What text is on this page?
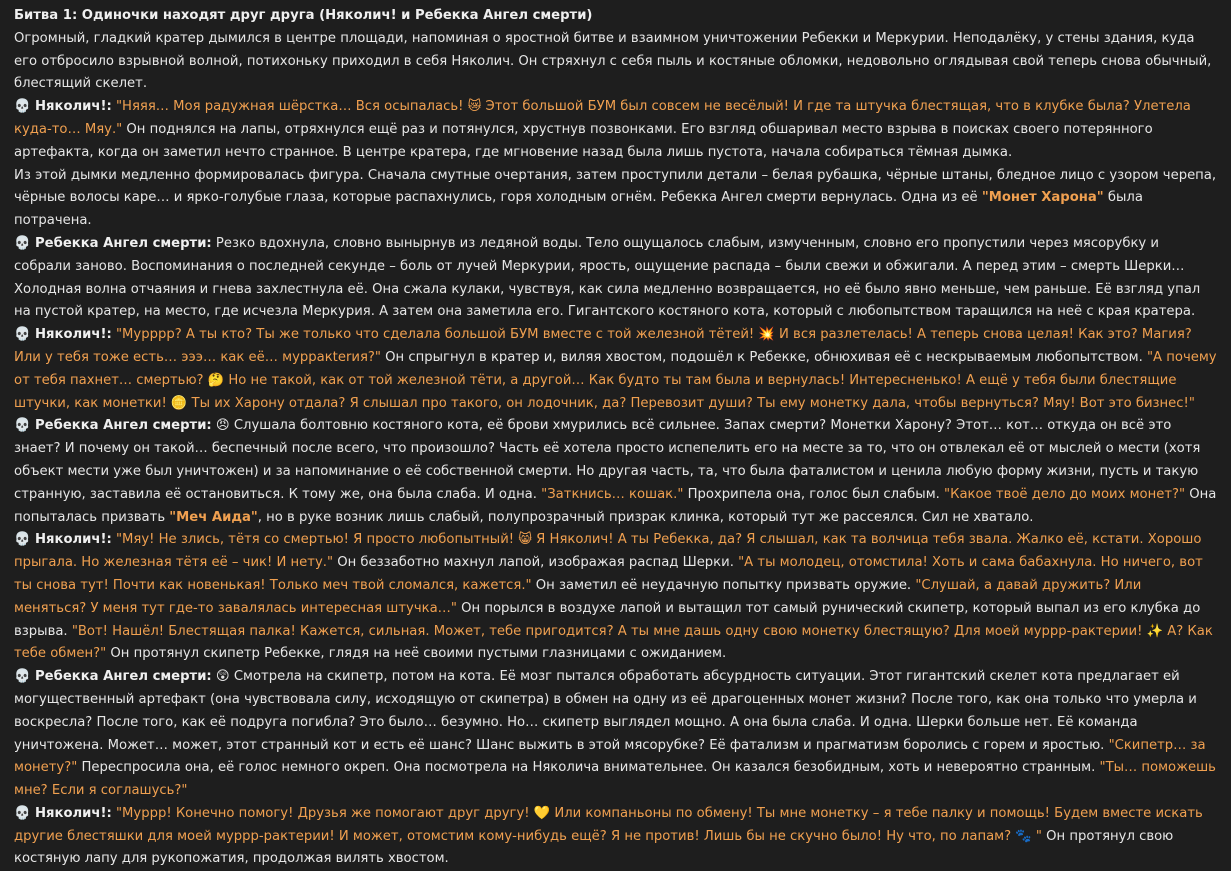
Битва 1: Одиночки находят друг друга (Няколич! и Ребекка Ангел смерти)
Огромный, гладкий кратер дымился в центре площади, напоминая о яростной битве и взаимном уничтожении Ребекки и Меркурии. Неподалёку, у стены здания, куда его отбросило взрывной волной, потихоньку приходил в себя Няколич. Он стряхнул с себя пыль и костяные обломки, недовольно оглядывая свой теперь снова обычный, блестящий скелет.
💀 Няколич!: "Няяя… Моя радужная шёрстка… Вся осыпалась! 😿 Этот большой БУМ был совсем не весёлый! И где та штучка блестящая, что в клубке была? Улетела куда-то… Мяу." Он поднялся на лапы, отряхнулся ещё раз и потянулся, хрустнув позвонками. Его взгляд обшаривал место взрыва в поисках своего потерянного артефакта, когда он заметил нечто странное. В центре кратера, где мгновение назад была лишь пустота, начала собираться тёмная дымка.
Из этой дымки медленно формировалась фигура. Сначала смутные очертания, затем проступили детали – белая рубашка, чёрные штаны, бледное лицо с узором черепа, чёрные волосы каре… и ярко-голубые глаза, которые распахнулись, горя холодным огнём. Ребекка Ангел смерти вернулась. Одна из её "Монет Харона" была потрачена.
💀 Ребекка Ангел смерти: Резко вдохнула, словно вынырнув из ледяной воды. Тело ощущалось слабым, измученным, словно его пропустили через мясорубку и собрали заново. Воспоминания о последней секунде – боль от лучей Меркурии, ярость, ощущение распада – были свежи и обжигали. А перед этим – смерть Шерки… Холодная волна отчаяния и гнева захлестнула её. Она сжала кулаки, чувствуя, как сила медленно возвращается, но её было явно меньше, чем раньше. Её взгляд упал на пустой кратер, на место, где исчезла Меркурия. А затем она заметила его. Гигантского костяного кота, который с любопытством таращился на неё с края кратера.
💀 Няколич!: "Мурррр? А ты кто? Ты же только что сделала большой БУМ вместе с той железной тётей! 💥 И вся разлетелась! А теперь снова целая! Как это? Магия? Или у тебя тоже есть… эээ… как её… мурракterия?" Он спрыгнул в кратер и, виляя хвостом, подошёл к Ребекке, обнюхивая её с нескрываемым любопытством. "А почему от тебя пахнет… смертью? 🤔 Но не такой, как от той железной тёти, а другой… Как будто ты там была и вернулась! Интересненько! А ещё у тебя были блестящие штучки, как монетки! 🪙 Ты их Харону отдала? Я слышал про такого, он лодочник, да? Перевозит души? Ты ему монетку дала, чтобы вернуться? Мяу! Вот это бизнес!"
💀 Ребекка Ангел смерти: 😠 Слушала болтовню костяного кота, её брови хмурились всё сильнее. Запах смерти? Монетки Харону? Этот… кот… откуда он всё это знает? И почему он такой… беспечный после всего, что произошло? Часть её хотела просто испепелить его на месте за то, что он отвлекал её от мыслей о мести (хотя объект мести уже был уничтожен) и за напоминание о её собственной смерти. Но другая часть, та, что была фаталистом и ценила любую форму жизни, пусть и такую странную, заставила её остановиться. К тому же, она была слаба. И одна. "Заткнись… кошак." Прохрипела она, голос был слабым. "Какое твоё дело до моих монет?" Она попыталась призвать "Меч Аида", но в руке возник лишь слабый, полупрозрачный призрак клинка, который тут же рассеялся. Сил не хватало.
💀 Няколич!: "Мяу! Не злись, тётя со смертью! Я просто любопытный! 😸 Я Няколич! А ты Ребекка, да? Я слышал, как та волчица тебя звала. Жалко её, кстати. Хорошо прыгала. Но железная тётя её – чик! И нету." Он беззаботно махнул лапой, изображая распад Шерки. "А ты молодец, отомстила! Хоть и сама бабахнула. Но ничего, вот ты снова тут! Почти как новенькая! Только меч твой сломался, кажется." Он заметил её неудачную попытку призвать оружие. "Слушай, а давай дружить? Или меняться? У меня тут где-то завалялась интересная штучка…" Он порылся в воздухе лапой и вытащил тот самый рунический скипетр, который выпал из его клубка до взрыва. "Вот! Нашёл! Блестящая палка! Кажется, сильная. Может, тебе пригодится? А ты мне дашь одну свою монетку блестящую? Для моей муррр-рактерии! ✨ А? Как тебе обмен?" Он протянул скипетр Ребекке, глядя на неё своими пустыми глазницами с ожиданием.
💀 Ребекка Ангел смерти: 😲 Смотрела на скипетр, потом на кота. Её мозг пытался обработать абсурдность ситуации. Этот гигантский скелет кота предлагает ей могущественный артефакт (она чувствовала силу, исходящую от скипетра) в обмен на одну из её драгоценных монет жизни? После того, как она только что умерла и воскресла? После того, как её подруга погибла? Это было… безумно. Но… скипетр выглядел мощно. А она была слаба. И одна. Шерки больше нет. Её команда уничтожена. Может… может, этот странный кот и есть её шанс? Шанс выжить в этой мясорубке? Её фатализм и прагматизм боролись с горем и яростью. "Скипетр… за монету?" Переспросила она, её голос немного окреп. Она посмотрела на Няколича внимательнее. Он казался безобидным, хоть и невероятно странным. "Ты… поможешь мне? Если я соглашусь?"
💀 Няколич!: "Муррр! Конечно помогу! Друзья же помогают друг другу! 💛 Или компаньоны по обмену! Ты мне монетку – я тебе палку и помощь! Будем вместе искать другие блестяшки для моей муррр-рактерии! И может, отомстим кому-нибудь ещё? Я не против! Лишь бы не скучно было! Ну что, по лапам? 🐾 " Он протянул свою костяную лапу для рукопожатия, продолжая вилять хвостом.
